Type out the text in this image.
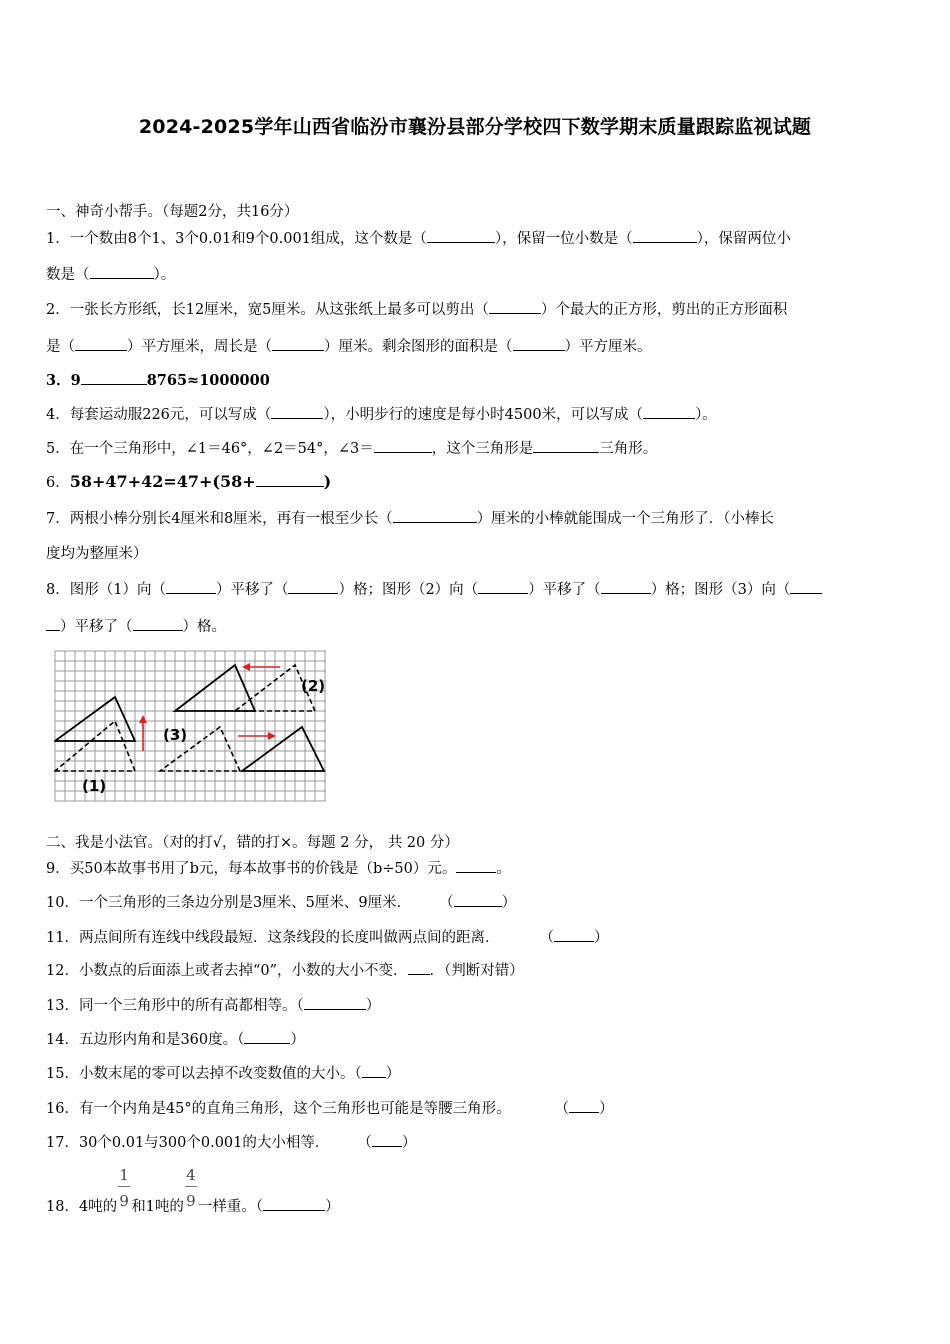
2024-2025学年山西省临汾市襄汾县部分学校四下数学期末质量跟踪监视试题
一、神奇小帮手。（每题2分，共16分）
1．一个数由8个1、3个0.01和9个0.001组成，这个数是（	），保留一位小数是（	），保留两位小
数是（	）。
2．一张长方形纸，长12厘米，宽5厘米。从这张纸上最多可以剪出（	）个最大的正方形，剪出的正方形面积
是（	）平方厘米，周长是（	）厘米。剩余图形的面积是（	）平方厘米。
3．9	8765≈1000000
4．每套运动服226元，可以写成（	），小明步行的速度是每小时4500米，可以写成（	）。
5．在一个三角形中，∠1＝46°，∠2＝54°，∠3＝	，这个三角形是	三角形。
6．58+47+42=47+(58+	)
7．两根小棒分别长4厘米和8厘米，再有一根至少长（	）厘米的小棒就能围成一个三角形了．（小棒长
度均为整厘米）
8．图形（1）向（	）平移了（	）格；图形（2）向（	）平移了（	）格；图形（3）向（
）平移了（	）格。
(1)
(2)
(3)
二、我是小法官。（对的打√，错的打×。每题 2 分， 共 20 分）
9．买50本故事书用了b元，每本故事书的价钱是（b÷50）元。	。
10．一个三角形的三条边分别是3厘米、5厘米、9厘米． （	）
11．两点间所有连线中线段最短．这条线段的长度叫做两点间的距离．	（	）
12．小数点的后面添上或者去掉“0”，小数的大小不变． ．（判断对错）
13．同一个三角形中的所有高都相等。（	）
14．五边形内角和是360度。（	）
15．小数末尾的零可以去掉不改变数值的大小。（ ）
16．有一个内角是45°的直角三角形，这个三角形也可能是等腰三角形。	（ ）
17．30个0.01与300个0.001的大小相等． （ ）
18．4吨的 $\frac{1}{9}$ 和1吨的 $\frac{4}{9}$ 一样重。（	）
